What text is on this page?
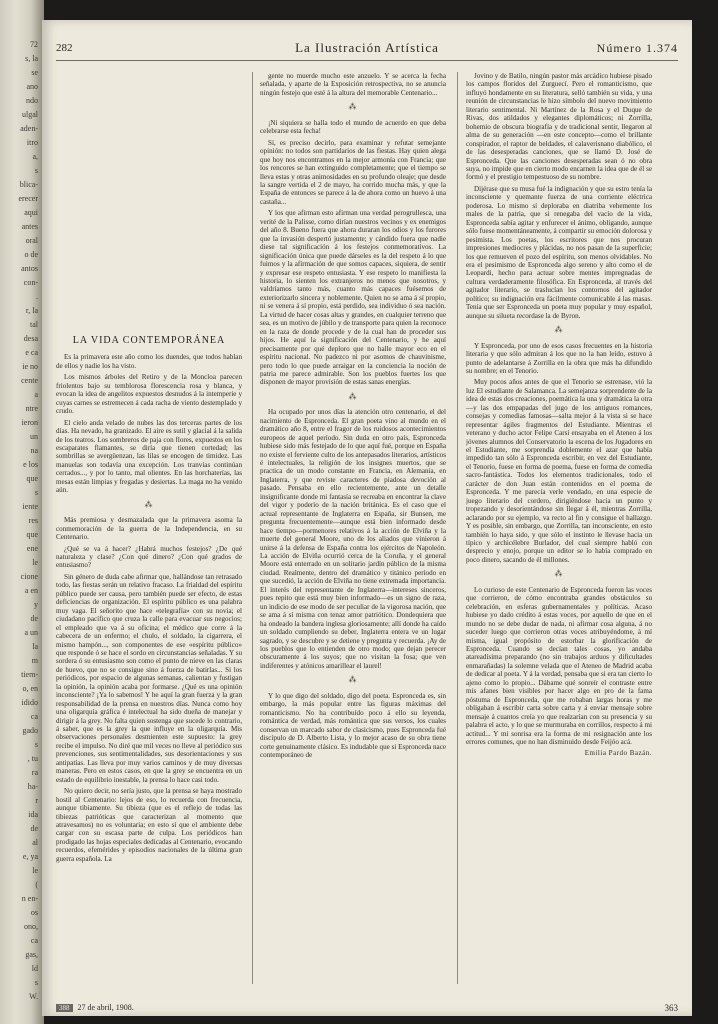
72
s, la
se
ano
ndo
ulgal
aden-
itro
a,
s
blica-
erecer
aqui
antes
oral
o de
antos
con-
.
r, la
tal
desa
e ca
ie no
cente
a
ntre
ieron
un
na
e los
que
s
iente
res
que
ene
le
cione
a en
y
de
a un
la
m
tiem-
o, en
idido
ca
gado
s
, tu
ra
ha-
r
ida
de
al
e, ya
le
(
n en-
os
ono,
ca
gas,
ld
s
W.
282	La Ilustración Artística	Número 1.374
LA VIDA CONTEMPORÁNEA

Es la primavera este año como los duendes, que todos hablan de ellos y nadie los ha visto.

Los mismos árboles del Retiro y de la Moncloa parecen friolentos bajo su temblorosa florescencia rosa y blanca, y evocan la idea de angelitos expuestos desnudos á la intemperie y cuyas carnes se estremecen á cada racha de viento destemplado y crudo.

El cielo anda velado de nubes las dos terceras partes de los días. Ha nevado, ha granizado. El aire es sutil y glacial á la salida de los teatros. Los sombreros de paja con flores, expuestos en los escaparates flamantes, se diría que tienen cortedad; las sombrillas se avergüenzan, las lilas se encogen de timidez. Las manuelas son todavía una excepción. Los tranvías continúan cerrados..., y por lo tanto, mal olientes. En las horchaterías, las mesas están limpias y fregadas y desiertas. La maga no ha venido aún.

⁂

Más premiosa y desmazalada que la primavera asoma la conmemoración de la guerra de la Independencia, en su Centenario.

¿Qué se va á hacer? ¿Habrá muchos festejos? ¿De qué naturaleza y clase? ¿Con qué dinero? ¿Con qué grados de entusiasmo?

Sin género de duda cabe afirmar que, hallándose tan retrasado todo, las fiestas serán un relativo fracaso. La frialdad del espíritu público puede ser causa, pero también puede ser efecto, de estas deficiencias de organización. El espíritu público es una palabra muy vaga. El señorito que hace «telegrafía» con su novia; el ciudadano pacífico que cruza la calle para evacuar sus negocios; el empleado que va á su oficina; el médico que corre á la cabecera de un enfermo; el chulo, el soldado, la cigarrera, el mismo hampón..., son componentes de ese «espíritu público» que responde ó se hace el sordo en circunstancias señaladas. Y su sordera ó su entusiasmo son como el punto de nieve en las claras de huevo, que no se consigue sino á fuerza de batirlas... Si los periódicos, por espacio de algunas semanas, calientan y fustigan la opinión, la opinión acaba por formarse. ¿Qué es una opinión inconsciente? ¡Ya lo sabemos! Y he aquí la gran fuerza y la gran responsabilidad de la prensa en nuestros días. Nunca como hoy una oligarquía gráfica é intelectual ha sido dueña de manejar y dirigir á la grey. No falta quien sostenga que sucede lo contrario, á saber, que es la grey la que influye en la oligarquía. Mis observaciones personales desmienten este supuesto: la grey recibe el impulso. No diré que mil veces no lleve al periódico sus prevenciones, sus sentimentalidades, sus desorientaciones y sus antipatías. Las lleva por muy varios caminos y de muy diversas maneras. Pero en estos casos, en que la grey se encuentra en un estado de equilibrio inestable, la prensa lo hace casi todo.

No quiero decir, no sería justo, que la prensa se haya mostrado hostil al Centenario: lejos de eso, lo recuerda con frecuencia, aunque tibiamente. Su tibieza (que es el reflejo de todas las tibiezas patrióticas que caracterizan al momento que atravesamos) no es voluntaria; en esto sí que el ambiente debe cargar con su escasa parte de culpa. Los periódicos han prodigado las hojas especiales dedicadas al Centenario, evocando recuerdos, efemérides y episodios nacionales de la última gran guerra española. La

gente no muerde mucho este anzuelo. Y se acerca la fecha señalada, y aparte de la Exposición retrospectiva, no se anuncia ningún festejo que esté á la altura del memorable Centenario...

⁂

¡Ni siquiera se halla todo el mundo de acuerdo en que deba celebrarse esta fecha!

Sí, es preciso decirlo, para examinar y refutar semejante opinión: no todos son partidarios de las fiestas. Hay quien alega que hoy nos encontramos en la mejor armonía con Francia; que los rencores se han extinguido completamente; que el tiempo se lleva estas y otras animosidades en su profundo oleaje; que desde la sangre vertida el 2 de mayo, ha corrido mucha más, y que la España de entonces se parece á la de ahora como un huevo á una castaña...

Y los que afirman esto afirman una verdad perogrullesca, una verité de la Palisse, como dirían nuestros vecinos y ex enemigos del año 8. Bueno fuera que ahora duraran los odios y los furores que la invasión despertó justamente; y cándido fuera que nadie diese tal significación á los festejos conmemorativos. La significación única que puede dárseles es la del respeto á lo que fuimos y la afirmación de que somos capaces, siquiera, de sentir y expresar ese respeto entusiasta. Y ese respeto lo manifiesta la historia, lo sienten los extranjeros no menos que nosotros, y valdríamos tanto más, cuanto más capaces fuésemos de exteriorizarlo sincera y noblemente. Quien no se ama á sí propio, ni se venera á sí propio, está perdido, sea individuo ó sea nación. La virtud de hacer cosas altas y grandes, en cualquier terreno que sea, es un motivo de júbilo y de transporte para quien la reconoce en la raza de donde procede y de la cual han de proceder sus hijos. He aquí la significación del Centenario, y he aquí precisamente por qué deploro que no halle mayor eco en el espíritu nacional. No padezco ni por asomos de chauvinisme, pero todo lo que puede arraigar en la conciencia la noción de patria me parece admirable. Son los pueblos fuertes los que disponen de mayor provisión de estas sanas energías.

⁂

Ha ocupado por unos días la atención otro centenario, el del nacimiento de Espronceda. El gran poeta vino al mundo en el dramático año 8, entre el fragor de los ruidosos acontecimientos europeos de aquel período. Sin duda en otro país, Espronceda hubiese sido más festejado de lo que aquí fué, porque en España no existe el ferviente culto de los antepasados literarios, artísticos é intelectuales, la religión de los insignes muertos, que se practica de un modo constante en Francia, en Alemania, en Inglaterra, y que reviste caracteres de piadosa devoción al pasado. Pensaba en ello recientemente, ante un detalle insignificante donde mi fantasía se recreaba en encontrar la clave del vigor y poderío de la nación británica. Es el caso que el actual representante de Inglaterra en España, sir Bunsen, me pregunta frecuentemente—aunque está bien informado desde hace tiempo—pormenores relativos á la acción de Elviña y la muerte del general Moore, uno de los aliados que vinieron á unirse á la defensa de España contra los ejércitos de Napoleón. La acción de Elviña ocurrió cerca de la Coruña, y el general Moore está enterrado en un solitario jardín público de la misma ciudad. Realmente, dentro del dramático y titánico período en que sucedió, la acción de Elviña no tiene extremada importancia. El interés del representante de Inglaterra—intereses sinceros, pues repito que está muy bien informado—es un signo de raza, un indicio de ese modo de ser peculiar de la vigorosa nación, que se ama á sí misma con tenaz amor patriótico. Dondequiera que ha ondeado la bandera inglesa gloriosamente; allí donde ha caído un soldado cumpliendo su deber, Inglaterra entera ve un lugar sagrado, y se descubre y se detiene y pregunta y recuerda. ¡Ay de los pueblos que lo entienden de otro modo; que dejan perecer obscuramente á los suyos; que no visitan la fosa; que ven indiferentes y atónicos amarillear el laurel!

⁂

Y lo que digo del soldado, digo del poeta. Espronceda es, sin embargo, la más popular entre las figuras máximas del romanticismo. No ha contribuído poco á ello su leyenda, romántica de verdad, más romántica que sus versos, los cuales conservan un marcado sabor de clasicismo, pues Espronceda fué discípulo de D. Alberto Lista, y lo mejor acaso de su obra tiene corte genuinamente clásico. Es indudable que si Espronceda nace contemporáneo de

Jovino y de Batilo, ningún pastor más arcádico hubiese pisado los campos floridos del Zurguecí. Pero el romanticismo, que influyó hondamente en su literatura, selló también su vida, y una reunión de circunstancias le hizo símbolo del nuevo movimiento literario sentimental. Ni Martínez de la Rosa y el Duque de Rivas, dos atildados y elegantes diplomáticos; ni Zorrilla, bohemio de obscura biografía y de tradicional sentir, llegaron al alma de su generación —en este concepto—como el brillante conspirador, el raptor de beldades, el calaverisnano diabólico, el de las desesperadas canciones, que se llamó D. José de Espronceda. Que las canciones desesperadas sean ó no obra suya, no impide que en cierto modo encarnen la idea que de él se formó y el prestigio tempestuoso de su nombre.

Dijérase que su musa fué la indignación y que su estro tenía la inconsciente y quemante fuerza de una corriente eléctrica poderosa. Lo mismo sí deploraba en diatriba vehemente los males de la patria, que si renegaba del vacío de la vida, Espronceda sabía agitar y enfurecer el ánimo, obligando, aunque sólo fuese momentáneamente, á compartir su emoción dolorosa y pesimista. Los poetas, los escritores que nos procuran impresiones mediocres y plácidas, no nos pasan de la superficie; los que remueven el pozo del espíritu, son menos olvidables. No era el pesimismo de Espronceda algo sereno y alto como el de Leopardi, hecho para actuar sobre mentes impregnadas de cultura verdaderamente filosófica. En Espronceda, al través del agitador literario, se traslucían los contornos del agitador político; su indignación era fácilmente comunicable á las masas. Tenía que ser Espronceda un poeta muy popular y muy español, aunque su silueta recordase la de Byron.

⁂

Y Espronceda, por uno de esos casos frecuentes en la historia literaria y que sólo admiran á los que no la han leído, estuvo á punto de adelantarse á Zorrilla en la obra que más ha difundido su nombre; en el Tenorio.

Muy pocos años antes de que el Tenorio se estrenase, vió la luz El estudiante de Salamanca. La semejanza sorprendente de la idea de estas dos creaciones, poemática la una y dramática la otra—y las dos empapadas del jugo de los antiguos romances, consejas y comedias famosas—salta mejor á la vista si se hace representar ágiles fragmentos del Estudiante. Mientras el veterano y ducho actor Felipe Carsí ensayaba en el Ateneo á los jóvenes alumnos del Conservatorio la escena de los Jugadores en el Estudiante, me sorprendía doblemente el azar que había impedido tan sólo á Espronceda escribir, en vez del Estudiante, el Tenorio, fuese en forma de poema, fuese en forma de comedia sacro-fantástica. Todos los elementos tradicionales, todo el carácter de don Juan están contenidos en el poema de Espronceda. Y me parecía verle vendado, en una especie de juego literario del cordero, dirigiéndose hacia un punto y tropezando y desorientándose sin llegar á él, mientras Zorrilla, aclarando por su ejemplo, va recto al fin y consigue el hallazgo. Y es posible, sin embargo, que Zorrilla, tan inconsciente, en esto también lo haya sido, y que sólo el instinto le llevase hacia un típico y archicélebre Burlador, del cual siempre habló con desprecio y enojo, porque un editor se lo había comprado en poco dinero, sacando de él millones.

⁂

Lo curioso de este Centenario de Espronceda fueron las voces que corrieron, de cómo encontraba grandes obstáculos su celebración, en esferas gubernamentales y políticas. Acaso hubiese yo dado crédito á estas voces, por aquello de que en el mundo no se debe dudar de nada, ni afirmar cosa alguna, á no suceder luego que corrieron otras voces atribuyéndome, á mí misma, igual propósito de estorbar la glorificación de Espronceda. Cuando se decían tales cosas, yo andaba atareadísima preparando (no sin trabajos arduos y dificultades enmarañadas) la solemne velada que el Ateneo de Madrid acaba de dedicar al poeta. Y á la verdad, pensaba que si era tan cierto lo ajeno como lo propio... Dábame qué sonreír el contraste entre mis afanes bien visibles por hacer algo en pro de la fama póstuma de Espronceda, que me robaban largas horas y me obligaban á escribir carta sobre carta y á enviar mensaje sobre mensaje á cuantos creía yo que realzarían con su presencia y su palabra el acto, y lo que se murmuraba en corrillos, respecto á mi actitud... Y mi sonrisa era la forma de mi resignación ante los errores comunes, que no han disminuido desde Feijóo acá.

Emilia Pardo Bazán.
388 27 de abril, 1908.	363
